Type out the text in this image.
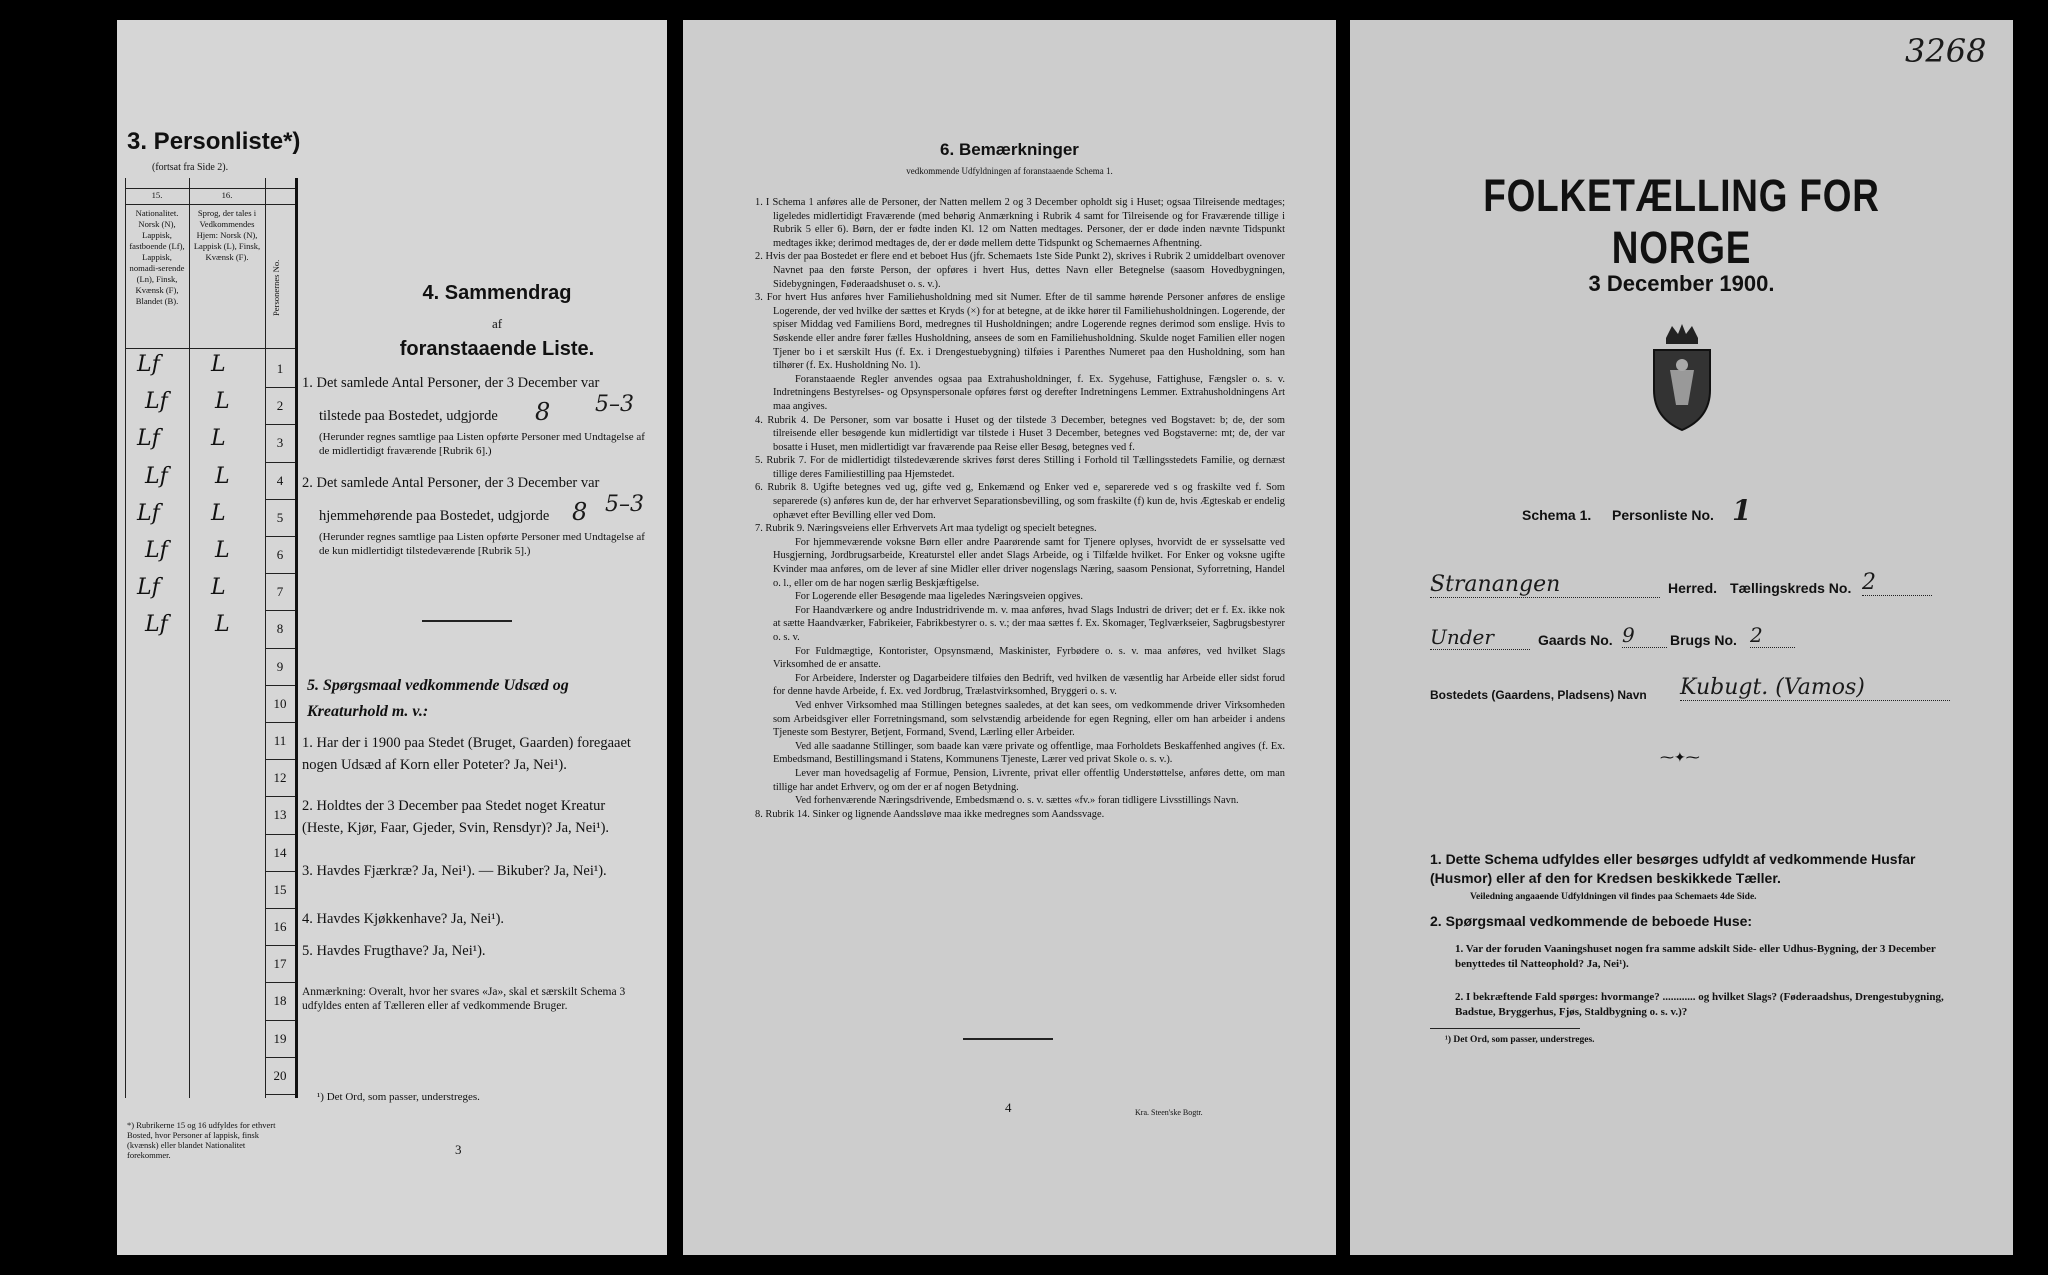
3. Personliste*)
(fortsat fra Side 2).
15.	16.
Nationalitet. Norsk (N), Lappisk, fastboende (Lf), Lappisk, nomadi-serende (Ln), Finsk, Kvænsk (F), Blandet (B).
Sprog, der tales i Vedkommendes Hjem: Norsk (N), Lappisk (L), Finsk, Kvænsk (F).
Personernes No.
1
Lf L
2
Lf L
3
Lf L
4
Lf L
5
Lf L
6
Lf L
7
Lf L
8
Lf L
9
10
11
12
13
14
15
16
17
18
19
20
*) Rubrikerne 15 og 16 udfyldes for ethvert Bosted, hvor Personer af lappisk, finsk (kvænsk) eller blandet Nationalitet forekommer.
4. Sammendrag
af
foranstaaende Liste.
1. Det samlede Antal Personer, der 3 December var
tilstede paa Bostedet, udgjorde 8 5–3
(Herunder regnes samtlige paa Listen opførte Personer med Undtagelse af de midlertidigt fraværende [Rubrik 6].)
2. Det samlede Antal Personer, der 3 December var
hjemmehørende paa Bostedet, udgjorde 8 5–3
(Herunder regnes samtlige paa Listen opførte Personer med Undtagelse af de kun midlertidigt tilstedeværende [Rubrik 5].)
5. Spørgsmaal vedkommende Udsæd og Kreaturhold m. v.:
1. Har der i 1900 paa Stedet (Bruget, Gaarden) foregaaet nogen Udsæd af Korn eller Poteter? Ja, Nei¹).
2. Holdtes der 3 December paa Stedet noget Kreatur (Heste, Kjør, Faar, Gjeder, Svin, Rensdyr)? Ja, Nei¹).
3. Havdes Fjærkræ? Ja, Nei¹). — Bikuber? Ja, Nei¹).
4. Havdes Kjøkkenhave? Ja, Nei¹).
5. Havdes Frugthave? Ja, Nei¹).
Anmærkning: Overalt, hvor her svares «Ja», skal et særskilt Schema 3 udfyldes enten af Tælleren eller af vedkommende Bruger.
¹) Det Ord, som passer, understreges.
3
6. Bemærkninger
vedkommende Udfyldningen af foranstaaende Schema 1.

1. I Schema 1 anføres alle de Personer, der Natten mellem 2 og 3 December opholdt sig i Huset; ogsaa Tilreisende medtages; ligeledes midlertidigt Fraværende (med behørig Anmærkning i Rubrik 4 samt for Tilreisende og for Fraværende tillige i Rubrik 5 eller 6). Børn, der er fødte inden Kl. 12 om Natten medtages. Personer, der er døde inden nævnte Tidspunkt medtages ikke; derimod medtages de, der er døde mellem dette Tidspunkt og Schemaernes Afhentning.

2. Hvis der paa Bostedet er flere end et beboet Hus (jfr. Schemaets 1ste Side Punkt 2), skrives i Rubrik 2 umiddelbart ovenover Navnet paa den første Person, der opføres i hvert Hus, dettes Navn eller Betegnelse (saasom Hovedbygningen, Sidebygningen, Føderaadshuset o. s. v.).

3. For hvert Hus anføres hver Familiehusholdning med sit Numer. Efter de til samme hørende Personer anføres de enslige Logerende, der ved hvilke der sættes et Kryds (×) for at betegne, at de ikke hører til Familiehusholdningen. Logerende, der spiser Middag ved Familiens Bord, medregnes til Husholdningen; andre Logerende regnes derimod som enslige. Hvis to Søskende eller andre fører fælles Husholdning, ansees de som en Familiehusholdning. Skulde noget Familien eller nogen Tjener bo i et særskilt Hus (f. Ex. i Drengestuebygning) tilføies i Parenthes Numeret paa den Husholdning, som han tilhører (f. Ex. Husholdning No. 1).

Foranstaaende Regler anvendes ogsaa paa Extrahusholdninger, f. Ex. Sygehuse, Fattighuse, Fængsler o. s. v. Indretningens Bestyrelses- og Opsynspersonale opføres først og derefter Indretningens Lemmer. Extrahusholdningens Art maa angives.

4. Rubrik 4. De Personer, som var bosatte i Huset og der tilstede 3 December, betegnes ved Bogstavet: b; de, der som tilreisende eller besøgende kun midlertidigt var tilstede i Huset 3 December, betegnes ved Bogstaverne: mt; de, der var bosatte i Huset, men midlertidigt var fraværende paa Reise eller Besøg, betegnes ved f.

5. Rubrik 7. For de midlertidigt tilstedeværende skrives først deres Stilling i Forhold til Tællingsstedets Familie, og dernæst tillige deres Familiestilling paa Hjemstedet.

6. Rubrik 8. Ugifte betegnes ved ug, gifte ved g, Enkemænd og Enker ved e, separerede ved s og fraskilte ved f. Som separerede (s) anføres kun de, der har erhvervet Separationsbevilling, og som fraskilte (f) kun de, hvis Ægteskab er endelig ophævet efter Bevilling eller ved Dom.

7. Rubrik 9. Næringsveiens eller Erhvervets Art maa tydeligt og specielt betegnes.

For hjemmeværende voksne Børn eller andre Paarørende samt for Tjenere oplyses, hvorvidt de er sysselsatte ved Husgjerning, Jordbrugsarbeide, Kreaturstel eller andet Slags Arbeide, og i Tilfælde hvilket. For Enker og voksne ugifte Kvinder maa anføres, om de lever af sine Midler eller driver nogenslags Næring, saasom Pensionat, Syforretning, Handel o. l., eller om de har nogen særlig Beskjæftigelse.

For Logerende eller Besøgende maa ligeledes Næringsveien opgives.

For Haandværkere og andre Industridrivende m. v. maa anføres, hvad Slags Industri de driver; det er f. Ex. ikke nok at sætte Haandværker, Fabrikeier, Fabrikbestyrer o. s. v.; der maa sættes f. Ex. Skomager, Teglværkseier, Sagbrugsbestyrer o. s. v.

For Fuldmægtige, Kontorister, Opsynsmænd, Maskinister, Fyrbødere o. s. v. maa anføres, ved hvilket Slags Virksomhed de er ansatte.

For Arbeidere, Inderster og Dagarbeidere tilføies den Bedrift, ved hvilken de væsentlig har Arbeide eller sidst forud for denne havde Arbeide, f. Ex. ved Jordbrug, Trælastvirksomhed, Bryggeri o. s. v.

Ved enhver Virksomhed maa Stillingen betegnes saaledes, at det kan sees, om vedkommende driver Virksomheden som Arbeidsgiver eller Forretningsmand, som selvstændig arbeidende for egen Regning, eller om han arbeider i andens Tjeneste som Bestyrer, Betjent, Formand, Svend, Lærling eller Arbeider.

Ved alle saadanne Stillinger, som baade kan være private og offentlige, maa Forholdets Beskaffenhed angives (f. Ex. Embedsmand, Bestillingsmand i Statens, Kommunens Tjeneste, Lærer ved privat Skole o. s. v.).

Lever man hovedsagelig af Formue, Pension, Livrente, privat eller offentlig Understøttelse, anføres dette, om man tillige har andet Erhverv, og om der er af nogen Betydning.

Ved forhenværende Næringsdrivende, Embedsmænd o. s. v. sættes «fv.» foran tidligere Livsstillings Navn.

8. Rubrik 14. Sinker og lignende Aandssløve maa ikke medregnes som Aandssvage.

4	Kra. Steen'ske Bogtr.
3268
FOLKETÆLLING FOR NORGE
3 December 1900.
Schema 1. Personliste No. 1
Stranangen	Herred. Tællingskreds No. 2
Under	Gaards No. 9	Brugs No. 2
Bostedets (Gaardens, Pladsens) Navn Kubugt. (Vamos)
⁓✦⁓
1. Dette Schema udfyldes eller besørges udfyldt af vedkommende Husfar (Husmor) eller af den for Kredsen beskikkede Tæller.
Veiledning angaaende Udfyldningen vil findes paa Schemaets 4de Side.
2. Spørgsmaal vedkommende de beboede Huse:
1. Var der foruden Vaaningshuset nogen fra samme adskilt Side- eller Udhus-Bygning, der 3 December benyttedes til Natteophold? Ja, Nei¹).
2. I bekræftende Fald spørges: hvormange? ............ og hvilket Slags? (Føderaadshus, Drengestubygning, Badstue, Bryggerhus, Fjøs, Staldbygning o. s. v.)?
¹) Det Ord, som passer, understreges.
